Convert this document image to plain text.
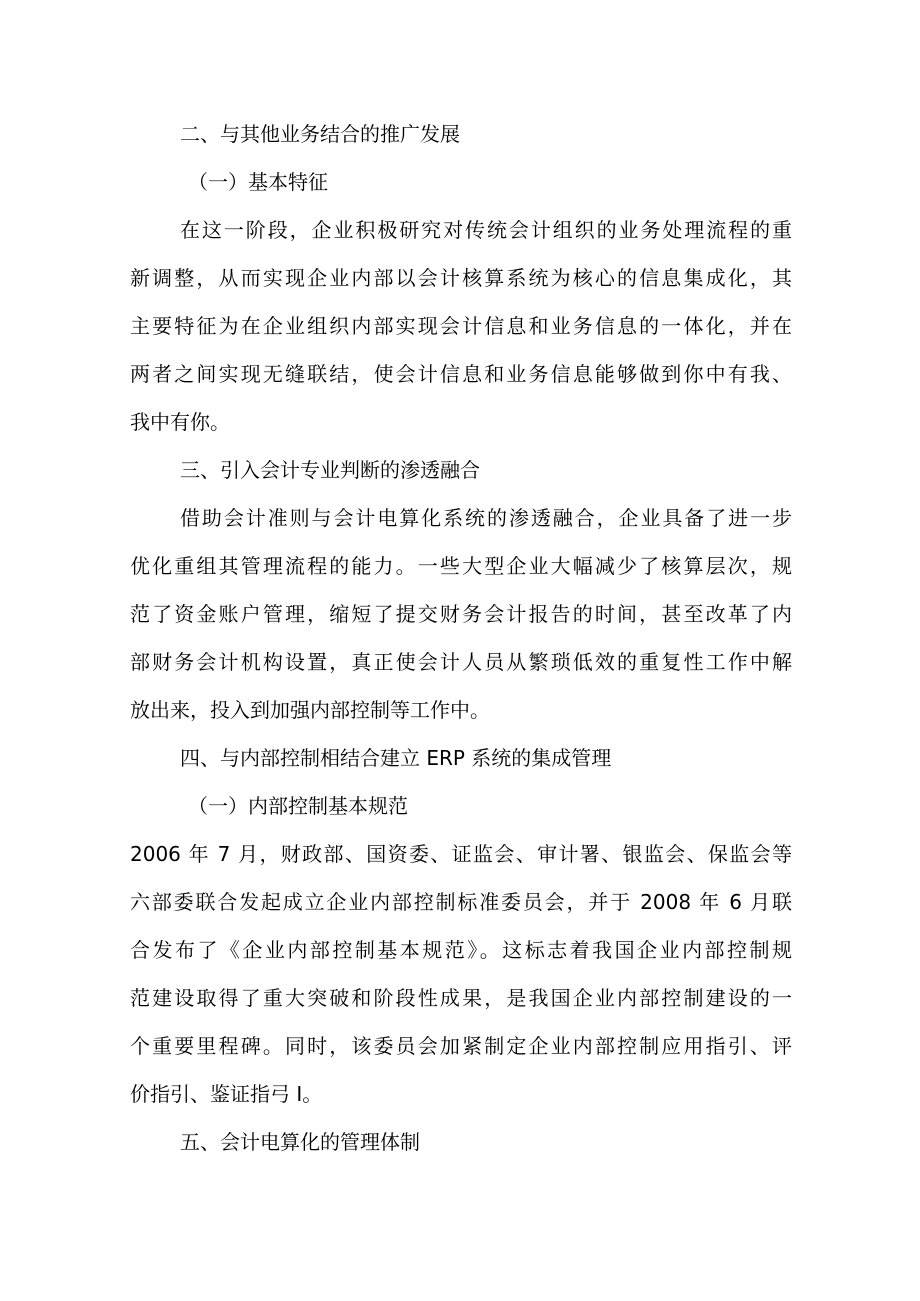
二、与其他业务结合的推广发展
（一）基本特征
在这一阶段，企业积极研究对传统会计组织的业务处理流程的重
新调整，从而实现企业内部以会计核算系统为核心的信息集成化，其
主要特征为在企业组织内部实现会计信息和业务信息的一体化，并在
两者之间实现无缝联结，使会计信息和业务信息能够做到你中有我、
我中有你。
三、引入会计专业判断的渗透融合
借助会计准则与会计电算化系统的渗透融合，企业具备了进一步
优化重组其管理流程的能力。一些大型企业大幅减少了核算层次，规
范了资金账户管理，缩短了提交财务会计报告的时间，甚至改革了内
部财务会计机构设置，真正使会计人员从繁琐低效的重复性工作中解
放出来，投入到加强内部控制等工作中。
四、与内部控制相结合建立 ERP 系统的集成管理
（一）内部控制基本规范
2006 年 7 月，财政部、国资委、证监会、审计署、银监会、保监会等
六部委联合发起成立企业内部控制标准委员会，并于 2008 年 6 月联
合发布了《企业内部控制基本规范》。这标志着我国企业内部控制规
范建设取得了重大突破和阶段性成果，是我国企业内部控制建设的一
个重要里程碑。同时，该委员会加紧制定企业内部控制应用指引、评
价指引、鉴证指弓 I。
五、会计电算化的管理体制
